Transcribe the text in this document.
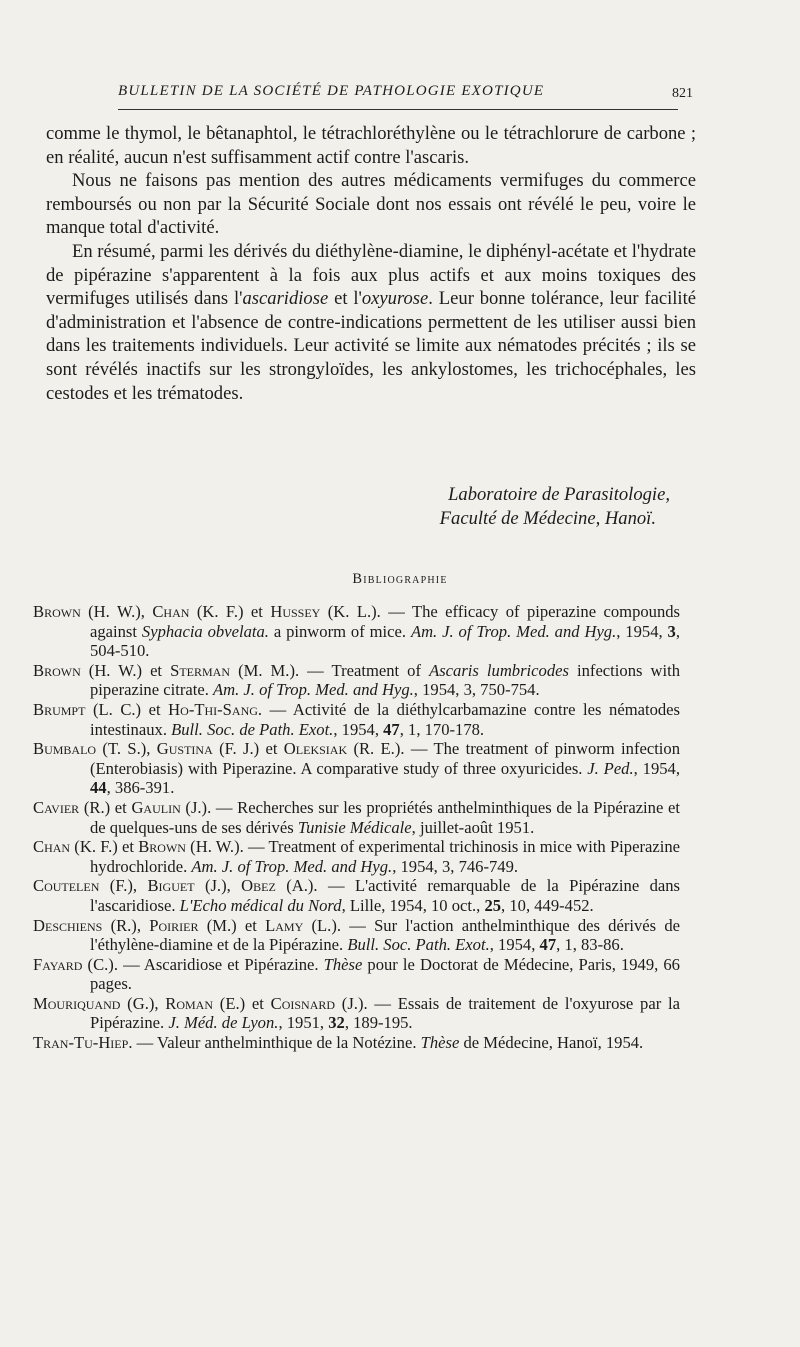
BULLETIN DE LA SOCIÉTÉ DE PATHOLOGIE EXOTIQUE	821

comme le thymol, le bêtanaphtol, le tétrachloréthylène ou le tétrachlorure de carbone ; en réalité, aucun n'est suffisamment actif contre l'ascaris.

Nous ne faisons pas mention des autres médicaments vermifuges du commerce remboursés ou non par la Sécurité Sociale dont nos essais ont révélé le peu, voire le manque total d'activité.

En résumé, parmi les dérivés du diéthylène-diamine, le diphényl-acétate et l'hydrate de pipérazine s'apparentent à la fois aux plus actifs et aux moins toxiques des vermifuges utilisés dans l'ascaridiose et l'oxyurose. Leur bonne tolérance, leur facilité d'administration et l'absence de contre-indications permettent de les utiliser aussi bien dans les traitements individuels. Leur activité se limite aux nématodes précités ; ils se sont révélés inactifs sur les strongyloïdes, les ankylostomes, les trichocéphales, les cestodes et les trématodes.

Laboratoire de Parasitologie,
Faculté de Médecine, Hanoï.
Bibliographie

Brown (H. W.), Chan (K. F.) et Hussey (K. L.). — The efficacy of piperazine compounds against Syphacia obvelata. a pinworm of mice. Am. J. of Trop. Med. and Hyg., 1954, 3, 504-510.

Brown (H. W.) et Sterman (M. M.). — Treatment of Ascaris lumbricodes infections with piperazine citrate. Am. J. of Trop. Med. and Hyg., 1954, 3, 750-754.

Brumpt (L. C.) et Ho-Thi-Sang. — Activité de la diéthylcarbamazine contre les nématodes intestinaux. Bull. Soc. de Path. Exot., 1954, 47, 1, 170-178.

Bumbalo (T. S.), Gustina (F. J.) et Oleksiak (R. E.). — The treatment of pinworm infection (Enterobiasis) with Piperazine. A comparative study of three oxyuricides. J. Ped., 1954, 44, 386-391.

Cavier (R.) et Gaulin (J.). — Recherches sur les propriétés anthelminthiques de la Pipérazine et de quelques-uns de ses dérivés Tunisie Médicale, juillet-août 1951.

Chan (K. F.) et Brown (H. W.). — Treatment of experimental trichinosis in mice with Piperazine hydrochloride. Am. J. of Trop. Med. and Hyg., 1954, 3, 746-749.

Coutelen (F.), Biguet (J.), Obez (A.). — L'activité remarquable de la Pipérazine dans l'ascaridiose. L'Echo médical du Nord, Lille, 1954, 10 oct., 25, 10, 449-452.

Deschiens (R.), Poirier (M.) et Lamy (L.). — Sur l'action anthelminthique des dérivés de l'éthylène-diamine et de la Pipérazine. Bull. Soc. Path. Exot., 1954, 47, 1, 83-86.

Fayard (C.). — Ascaridiose et Pipérazine. Thèse pour le Doctorat de Médecine, Paris, 1949, 66 pages.

Mouriquand (G.), Roman (E.) et Coisnard (J.). — Essais de traitement de l'oxyurose par la Pipérazine. J. Méd. de Lyon., 1951, 32, 189-195.

Tran-Tu-Hiep. — Valeur anthelminthique de la Notézine. Thèse de Médecine, Hanoï, 1954.
